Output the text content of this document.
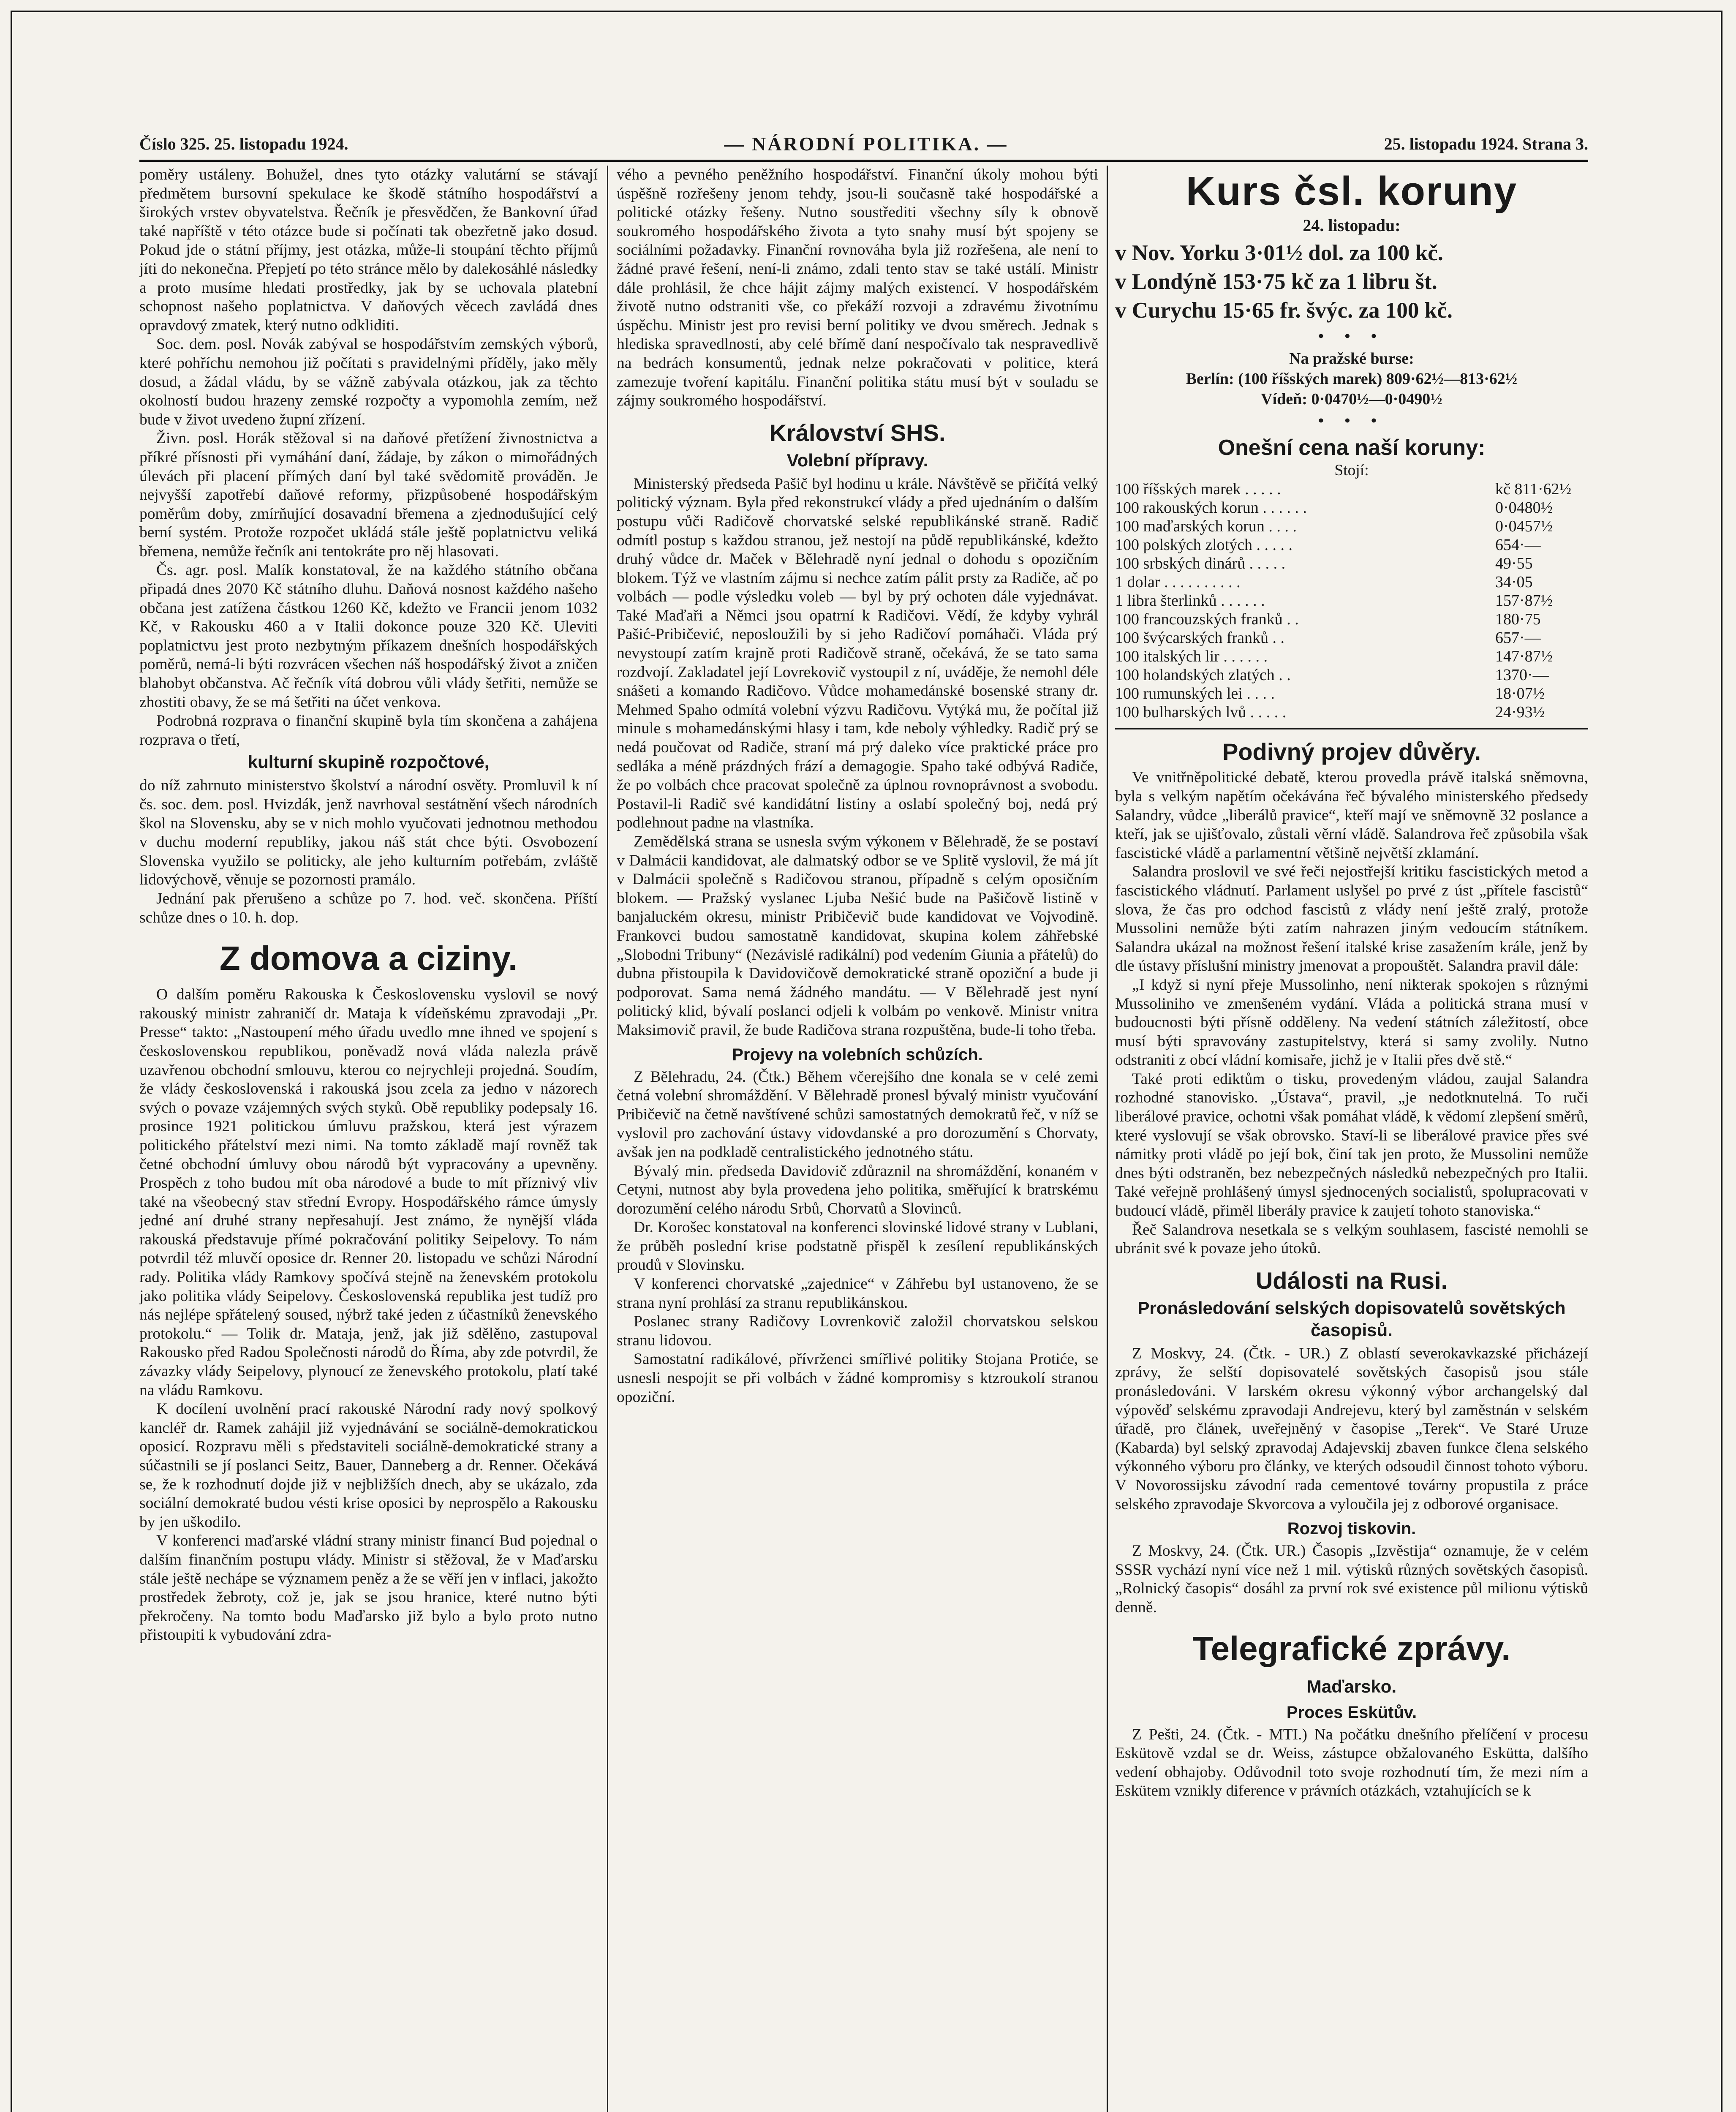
Číslo 325. 25. listopadu 1924.	— NÁRODNÍ POLITIKA. —	25. listopadu 1924. Strana 3.

poměry ustáleny. Bohužel, dnes tyto otázky valutární se stávají předmětem bursovní spekulace ke škodě státního hospodářství a širokých vrstev obyvatelstva. Řečník je přesvědčen, že Bankovní úřad také napříště v této otázce bude si počínati tak obezřetně jako dosud. Pokud jde o státní příjmy, jest otázka, může-li stoupání těchto příjmů jíti do nekonečna. Přepjetí po této stránce mělo by dalekosáhlé následky a proto musíme hledati prostředky, jak by se uchovala platební schopnost našeho poplatnictva. V daňových věcech zavládá dnes opravdový zmatek, který nutno odkliditi.

Soc. dem. posl. Novák zabýval se hospodářstvím zemských výborů, které pohříchu nemohou již počítati s pravidelnými příděly, jako měly dosud, a žádal vládu, by se vážně zabývala otázkou, jak za těchto okolností budou hrazeny zemské rozpočty a vypomohla zemím, než bude v život uvedeno župní zřízení.

Živn. posl. Horák stěžoval si na daňové přetížení živnostnictva a příkré přísnosti při vymáhání daní, žádaje, by zákon o mimořádných úlevách při placení přímých daní byl také svědomitě prováděn. Je nejvyšší zapotřebí daňové reformy, přizpůsobené hospodářským poměrům doby, zmírňující dosavadní břemena a zjednodušující celý berní systém. Protože rozpočet ukládá stále ještě poplatnictvu veliká břemena, nemůže řečník ani tentokráte pro něj hlasovati.

Čs. agr. posl. Malík konstatoval, že na každého státního občana připadá dnes 2070 Kč státního dluhu. Daňová nosnost každého našeho občana jest zatížena částkou 1260 Kč, kdežto ve Francii jenom 1032 Kč, v Rakousku 460 a v Italii dokonce pouze 320 Kč. Uleviti poplatnictvu jest proto nezbytným příkazem dnešních hospodářských poměrů, nemá-li býti rozvrácen všechen náš hospodářský život a zničen blahobyt občanstva. Ač řečník vítá dobrou vůli vlády šetřiti, nemůže se zhostiti obavy, že se má šetřiti na účet venkova.

Podrobná rozprava o finanční skupině byla tím skončena a zahájena rozprava o třetí,

kulturní skupině rozpočtové,

do níž zahrnuto ministerstvo školství a národní osvěty. Promluvil k ní čs. soc. dem. posl. Hvizdák, jenž navrhoval sestátnění všech národních škol na Slovensku, aby se v nich mohlo vyučovati jednotnou methodou v duchu moderní republiky, jakou náš stát chce býti. Osvobození Slovenska využilo se politicky, ale jeho kulturním potřebám, zvláště lidovýchově, věnuje se pozornosti pramálo.

Jednání pak přerušeno a schůze po 7. hod. več. skončena. Příští schůze dnes o 10. h. dop.

Z domova a ciziny.

O dalším poměru Rakouska k Československu vyslovil se nový rakouský ministr zahraničí dr. Mataja k vídeňskému zpravodaji „Pr. Presse“ takto: „Nastoupení mého úřadu uvedlo mne ihned ve spojení s československou republikou, poněvadž nová vláda nalezla právě uzavřenou obchodní smlouvu, kterou co nejrychleji projedná. Soudím, že vlády československá i rakouská jsou zcela za jedno v názorech svých o povaze vzájemných svých styků. Obě republiky podepsaly 16. prosince 1921 politickou úmluvu pražskou, která jest výrazem politického přátelství mezi nimi. Na tomto základě mají rovněž tak četné obchodní úmluvy obou národů být vypracovány a upevněny. Prospěch z toho budou mít oba národové a bude to mít příznivý vliv také na všeobecný stav střední Evropy. Hospodářského rámce úmysly jedné aní druhé strany nepřesahují. Jest známo, že nynější vláda rakouská představuje přímé pokračování politiky Seipelovy. To nám potvrdil též mluvčí oposice dr. Renner 20. listopadu ve schůzi Národní rady. Politika vlády Ramkovy spočívá stejně na ženevském protokolu jako politika vlády Seipelovy. Československá republika jest tudíž pro nás nejlépe spřátelený soused, nýbrž také jeden z účastníků ženevského protokolu.“ — Tolik dr. Mataja, jenž, jak již sdělěno, zastupoval Rakousko před Radou Společnosti národů do Říma, aby zde potvrdil, že závazky vlády Seipelovy, plynoucí ze ženevského protokolu, platí také na vládu Ramkovu.

K docílení uvolnění prací rakouské Národní rady nový spolkový kancléř dr. Ramek zahájil již vyjednávání se sociálně-demokratickou oposicí. Rozpravu měli s představiteli sociálně-demokratické strany a súčastnili se jí poslanci Seitz, Bauer, Danneberg a dr. Renner. Očekává se, že k rozhodnutí dojde již v nejbližších dnech, aby se ukázalo, zda sociální demokraté budou vésti krise oposici by neprospělo a Rakousku by jen uškodilo.

V konferenci maďarské vládní strany ministr financí Bud pojednal o dalším finančním postupu vlády. Ministr si stěžoval, že v Maďarsku stále ještě nechápe se významem peněz a že se věří jen v inflaci, jakožto prostředek žebroty, což je, jak se jsou hranice, které nutno býti překročeny. Na tomto bodu Maďarsko již bylo a bylo proto nutno přistoupiti k vybudování zdra-

vého a pevného peněžního hospodářství. Finanční úkoly mohou býti úspěšně rozřešeny jenom tehdy, jsou-li současně také hospodářské a politické otázky řešeny. Nutno soustřediti všechny síly k obnově soukromého hospodářského života a tyto snahy musí být spojeny se sociálními požadavky. Finanční rovnováha byla již rozřešena, ale není to žádné pravé řešení, není-li známo, zdali tento stav se také ustálí. Ministr dále prohlásil, že chce hájit zájmy malých existencí. V hospodářském životě nutno odstraniti vše, co překáží rozvoji a zdravému životnímu úspěchu. Ministr jest pro revisi berní politiky ve dvou směrech. Jednak s hlediska spravedlnosti, aby celé břímě daní nespočívalo tak nespravedlivě na bedrách konsumentů, jednak nelze pokračovati v politice, která zamezuje tvoření kapitálu. Finanční politika státu musí být v souladu se zájmy soukromého hospodářství.

Království SHS.
Volební přípravy.

Ministerský předseda Pašič byl hodinu u krále. Návštěvě se přičítá velký politický význam. Byla před rekonstrukcí vlády a před ujednáním o dalším postupu vůči Radičově chorvatské selské republikánské straně. Radič odmítl postup s každou stranou, jež nestojí na půdě republikánské, kdežto druhý vůdce dr. Maček v Bělehradě nyní jednal o dohodu s opozičním blokem. Týž ve vlastním zájmu si nechce zatím pálit prsty za Radiče, ač po volbách — podle výsledku voleb — byl by prý ochoten dále vyjednávat. Také Maďaři a Němci jsou opatrní k Radičovi. Vědí, že kdyby vyhrál Pašić-Pribičević, neposloužili by si jeho Radičoví pomáhači. Vláda prý nevystoupí zatím krajně proti Radičově straně, očekává, že se tato sama rozdvojí. Zakladatel její Lovrekovič vystoupil z ní, uváděje, že nemohl déle snášeti a komando Radičovo. Vůdce mohamedánské bosenské strany dr. Mehmed Spaho odmítá volební výzvu Radičovu. Vytýká mu, že počítal již minule s mohamedánskými hlasy i tam, kde neboly výhledky. Radič prý se nedá poučovat od Radiče, straní má prý daleko více praktické práce pro sedláka a méně prázdných frází a demagogie. Spaho také odbývá Radiče, že po volbách chce pracovat společně za úplnou rovnoprávnost a svobodu. Postavil-li Radič své kandidátní listiny a oslabí společný boj, nedá prý podlehnout padne na vlastníka.

Zemědělská strana se usnesla svým výkonem v Bělehradě, že se postaví v Dalmácii kandidovat, ale dalmatský odbor se ve Splitě vyslovil, že má jít v Dalmácii společně s Radičovou stranou, případně s celým oposičním blokem. — Pražský vyslanec Ljuba Nešić bude na Pašičově listině v banjaluckém okresu, ministr Pribičevič bude kandidovat ve Vojvodině. Frankovci budou samostatně kandidovat, skupina kolem záhřebské „Slobodni Tribuny“ (Nezávislé radikální) pod vedením Giunia a přátelů) do dubna přistoupila k Davidovičově demokratické straně opoziční a bude ji podporovat. Sama nemá žádného mandátu. — V Bělehradě jest nyní politický klid, bývalí poslanci odjeli k volbám po venkově. Ministr vnitra Maksimovič pravil, že bude Radičova strana rozpuštěna, bude-li toho třeba.

Projevy na volebních schůzích.

Z Bělehradu, 24. (Čtk.) Během včerejšího dne konala se v celé zemi četná volební shromáždění. V Bělehradě pronesl bývalý ministr vyučování Pribičevič na četně navštívené schůzi samostatných demokratů řeč, v níž se vyslovil pro zachování ústavy vidovdanské a pro dorozumění s Chorvaty, avšak jen na podkladě centralistického jednotného státu.

Bývalý min. předseda Davidovič zdůraznil na shromáždění, konaném v Cetyni, nutnost aby byla provedena jeho politika, směřující k bratrskému dorozumění celého národu Srbů, Chorvatů a Slovinců.

Dr. Korošec konstatoval na konferenci slovinské lidové strany v Lublani, že průběh poslední krise podstatně přispěl k zesílení republikánských proudů v Slovinsku.

V konferenci chorvatské „zajednice“ v Záhřebu byl ustanoveno, že se strana nyní prohlásí za stranu republikánskou.

Poslanec strany Radičovy Lovrenkovič založil chorvatskou selskou stranu lidovou.

Samostatní radikálové, přívrženci smířlivé politiky Stojana Protiće, se usnesli nespojit se při volbách v žádné kompromisy s ktzroukolí stranou opoziční.

Kurs čsl. koruny
24. listopadu:

v Nov. Yorku 3·01½ dol. za 100 kč.

v Londýně 153·75 kč za 1 libru št.

v Curychu 15·65 fr. švýc. za 100 kč.

• • •
Na pražské burse:
Berlín: (100 říšských marek) 809·62½—813·62½
Vídeň: 0·0470½—0·0490½
• • •
Onešní cena naší koruny:
Stojí:
100 říšských marek . . . . .	kč 811·62½
100 rakouských korun . . . . . .	0·0480½
100 maďarských korun . . . .	0·0457½
100 polských zlotých . . . . .	654·—
100 srbských dinárů . . . . .	49·55
1 dolar . . . . . . . . . .	34·05
1 libra šterlinků . . . . . .	157·87½
100 francouzských franků . .	180·75
100 švýcarských franků . .	657·—
100 italských lir . . . . . .	147·87½
100 holandských zlatých . .	1370·—
100 rumunských lei . . . .	18·07½
100 bulharských lvů . . . . .	24·93½
Podivný projev důvěry.

Ve vnitřněpolitické debatě, kterou provedla právě italská sněmovna, byla s velkým napětím očekávána řeč bývalého ministerského předsedy Salandry, vůdce „liberálů pravice“, kteří mají ve sněmovně 32 poslance a kteří, jak se ujišťovalo, zůstali věrní vládě. Salandrova řeč způsobila však fascistické vládě a parlamentní většině největší zklamání.

Salandra proslovil ve své řeči nejostřejší kritiku fascistických metod a fascistického vládnutí. Parlament uslyšel po prvé z úst „přítele fascistů“ slova, že čas pro odchod fascistů z vlády není ještě zralý, protože Mussolini nemůže býti zatím nahrazen jiným vedoucím státníkem. Salandra ukázal na možnost řešení italské krise zasažením krále, jenž by dle ústavy příslušní ministry jmenovat a propouštět. Salandra pravil dále:

„I když si nyní přeje Mussolinho, není nikterak spokojen s různými Mussoliniho ve zmenšeném vydání. Vláda a politická strana musí v budoucnosti býti přísně odděleny. Na vedení státních záležitostí, obce musí býti spravovány zastupitelstvy, která si samy zvolily. Nutno odstraniti z obcí vládní komisaře, jichž je v Italii přes dvě stě.“

Také proti ediktům o tisku, provedeným vládou, zaujal Salandra rozhodné stanovisko. „Ústava“, pravil, „je nedotknutelná. To ruči liberálové pravice, ochotni však pomáhat vládě, k vědomí zlepšení směrů, které vyslovují se však obrovsko. Staví-li se liberálové pravice přes své námitky proti vládě po její bok, činí tak jen proto, že Mussolini nemůže dnes býti odstraněn, bez nebezpečných následků nebezpečných pro Italii. Také veřejně prohlášený úmysl sjednocených socialistů, spolupracovati v budoucí vládě, přiměl liberály pravice k zaujetí tohoto stanoviska.“

Řeč Salandrova nesetkala se s velkým souhlasem, fascisté nemohli se ubránit své k povaze jeho útoků.

Události na Rusi.
Pronásledování selských dopisovatelů sovětských časopisů.

Z Moskvy, 24. (Čtk. - UR.) Z oblastí severokavkazské přicházejí zprávy, že selští dopisovatelé sovětských časopisů jsou stále pronásledováni. V larském okresu výkonný výbor archangelský dal výpověď selskému zpravodaji Andrejevu, který byl zaměstnán v selském úřadě, pro článek, uveřejněný v časopise „Terek“. Ve Staré Uruze (Kabarda) byl selský zpravodaj Adajevskij zbaven funkce člena selského výkonného výboru pro články, ve kterých odsoudil činnost tohoto výboru. V Novorossijsku závodní rada cementové továrny propustila z práce selského zpravodaje Skvorcova a vyloučila jej z odborové organisace.

Rozvoj tiskovin.

Z Moskvy, 24. (Čtk. UR.) Časopis „Izvěstija“ oznamuje, že v celém SSSR vychází nyní více než 1 mil. výtisků různých sovětských časopisů. „Rolnický časopis“ dosáhl za první rok své existence půl milionu výtisků denně.

Telegrafické zprávy.
Maďarsko.
Proces Eskütův.

Z Pešti, 24. (Čtk. - MTI.) Na počátku dnešního přelíčení v procesu Eskütově vzdal se dr. Weiss, zástupce obžalovaného Eskütta, dalšího vedení obhajoby. Odůvodnil toto svoje rozhodnutí tím, že mezi ním a Eskütem vznikly diference v právních otázkách, vztahujících se k
